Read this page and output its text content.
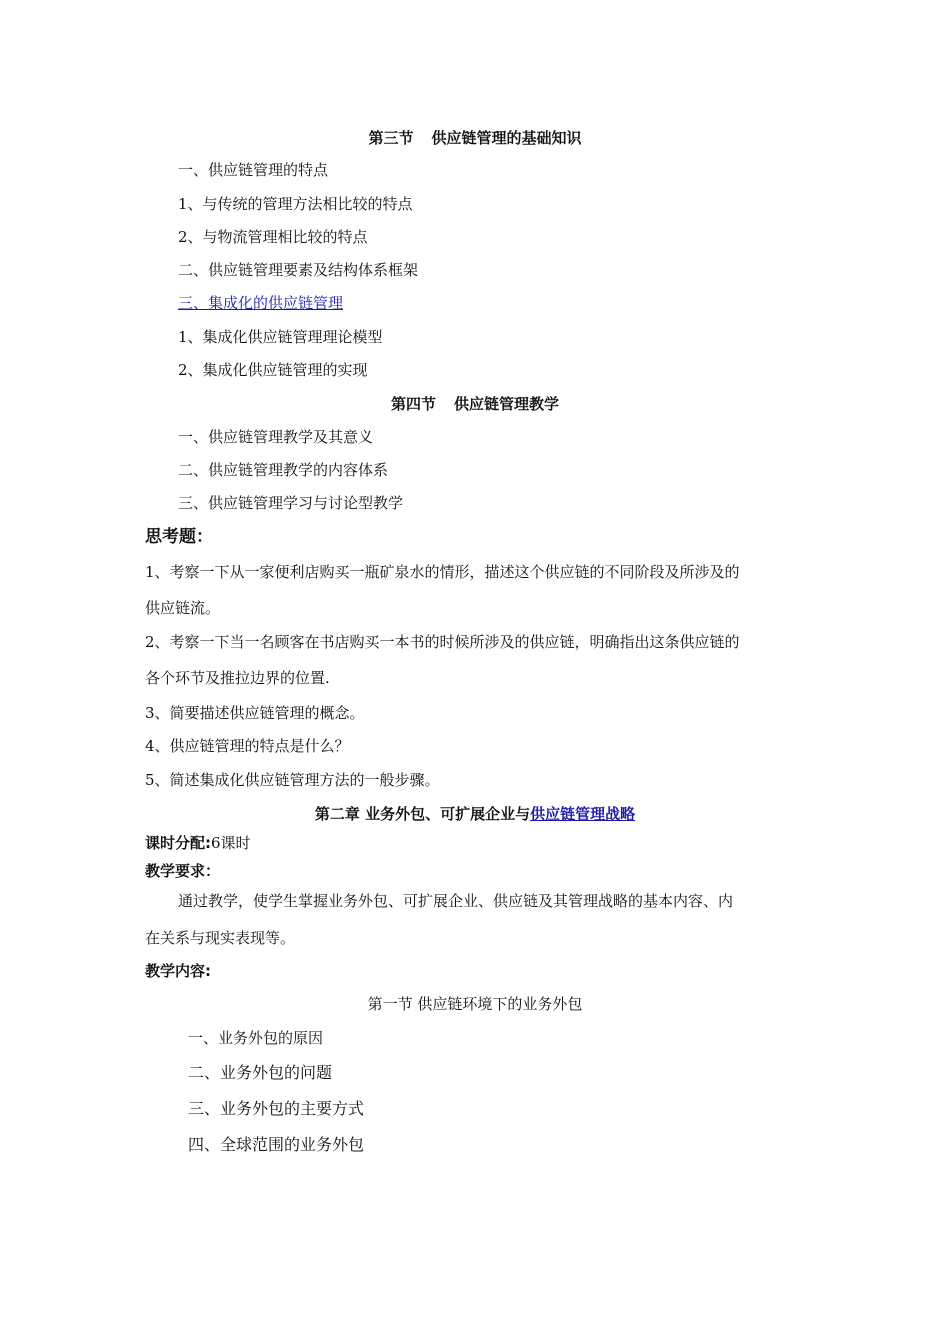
第三节 供应链管理的基础知识
一、供应链管理的特点
1、与传统的管理方法相比较的特点
2、与物流管理相比较的特点
二、供应链管理要素及结构体系框架
三、集成化的供应链管理
1、集成化供应链管理理论模型
2、集成化供应链管理的实现
第四节 供应链管理教学
一、供应链管理教学及其意义
二、供应链管理教学的内容体系
三、供应链管理学习与讨论型教学
思考题：
1、考察一下从一家便利店购买一瓶矿泉水的情形，描述这个供应链的不同阶段及所涉及的
供应链流。
2、考察一下当一名顾客在书店购买一本书的时候所涉及的供应链，明确指出这条供应链的
各个环节及推拉边界的位置.
3、简要描述供应链管理的概念。
4、供应链管理的特点是什么？
5、简述集成化供应链管理方法的一般步骤。
第二章 业务外包、可扩展企业与供应链管理战略
课时分配:6课时
教学要求：
通过教学，使学生掌握业务外包、可扩展企业、供应链及其管理战略的基本内容、内
在关系与现实表现等。
教学内容:
第一节 供应链环境下的业务外包
一、业务外包的原因
二、业务外包的问题
三、业务外包的主要方式
四、全球范围的业务外包
